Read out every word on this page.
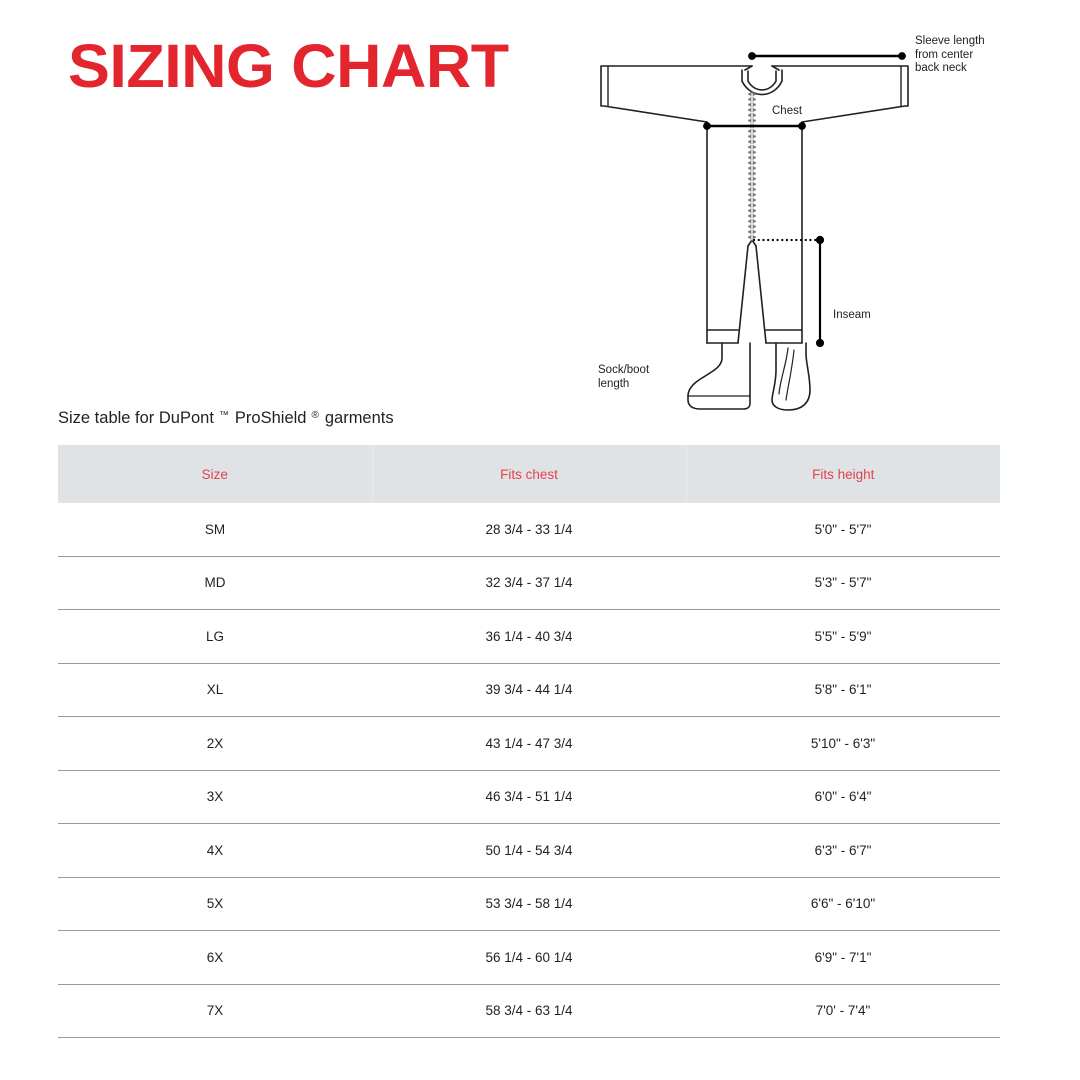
SIZING CHART	Sleeve length
from center
back neck
Chest
Inseam
Sock/boot
length
Size table for DuPont ™ ProShield ® garments
Size	Fits chest	Fits height
SM	28 3/4 - 33 1/4	5'0" - 5'7"
MD	32 3/4 - 37 1/4	5'3" - 5'7"
LG	36 1/4 - 40 3/4	5'5" - 5'9"
XL	39 3/4 - 44 1/4	5'8" - 6'1"
2X	43 1/4 - 47 3/4	5'10" - 6'3"
3X	46 3/4 - 51 1/4	6'0" - 6'4"
4X	50 1/4 - 54 3/4	6'3" - 6'7"
5X	53 3/4 - 58 1/4	6'6" - 6'10"
6X	56 1/4 - 60 1/4	6'9" - 7'1"
7X	58 3/4 - 63 1/4	7'0' - 7'4"
